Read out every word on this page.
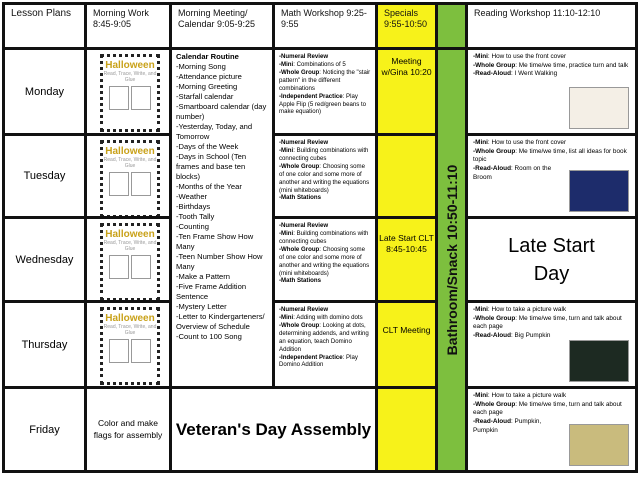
Lesson Plans	Morning Work 8:45-9:05
Morning Meeting/ Calendar 9:05-9:25
Math Workshop 9:25-9:55
Specials 9:55-10:50
Reading Workshop 11:10-12:10
Monday
Tuesday
Wednesday
Thursday
Friday
Halloween
Read, Trace, Write, and Glue
Halloween
Read, Trace, Write, and Glue
Halloween
Read, Trace, Write, and Glue
Halloween
Read, Trace, Write, and Glue
Color and make flags for assembly
Calendar Routine
-Morning Song
-Attendance picture
-Morning Greeting
-Starfall calendar
-Smartboard calendar (day number)
-Yesterday, Today, and Tomorrow
-Days of the Week
-Days in School (Ten frames and base ten blocks)
-Months of the Year
-Weather
-Birthdays
-Tooth Tally
-Counting
-Ten Frame Show How Many
-Teen Number Show How Many
-Make a Pattern
-Five Frame Addition Sentence
-Mystery Letter
-Letter to Kindergarteners/ Overview of Schedule
-Count to 100 Song
-Numeral Review
-Mini: Combinations of 5
-Whole Group: Noticing the "stair pattern" in the different combinations
-Independent Practice: Play Apple Flip (5 red/green beans to make equation)
-Numeral Review
-Mini: Building combinations with connecting cubes
-Whole Group: Choosing some of one color and some more of another and writing the equations (mini whiteboards)
-Math Stations
-Numeral Review
-Mini: Building combinations with connecting cubes
-Whole Group: Choosing some of one color and some more of another and writing the equations (mini whiteboards)
-Math Stations
-Numeral Review
-Mini: Adding with domino dots
-Whole Group: Looking at dots, determining addends, and writing an equation, teach Domino Addition
-Independent Practice: Play Domino Addition
Veteran's Day Assembly
Meeting w/Gina 10:20
Late Start CLT 8:45-10:45
CLT Meeting Bathroom/Snack 10:50-11:10
-Mini: How to use the front cover
-Whole Group: Me time/we time, practice turn and talk
-Read-Aloud: I Went Walking
-Mini: How to use the front cover
-Whole Group: Me time/we time, list all ideas for book topic
-Read-Aloud: Room on the Broom
Late Start Day
-Mini: How to take a picture walk
-Whole Group: Me time/we time, turn and talk about each page
-Read-Aloud: Big Pumpkin
-Mini: How to take a picture walk
-Whole Group: Me time/we time, turn and talk about each page
-Read-Aloud: Pumpkin, Pumpkin
